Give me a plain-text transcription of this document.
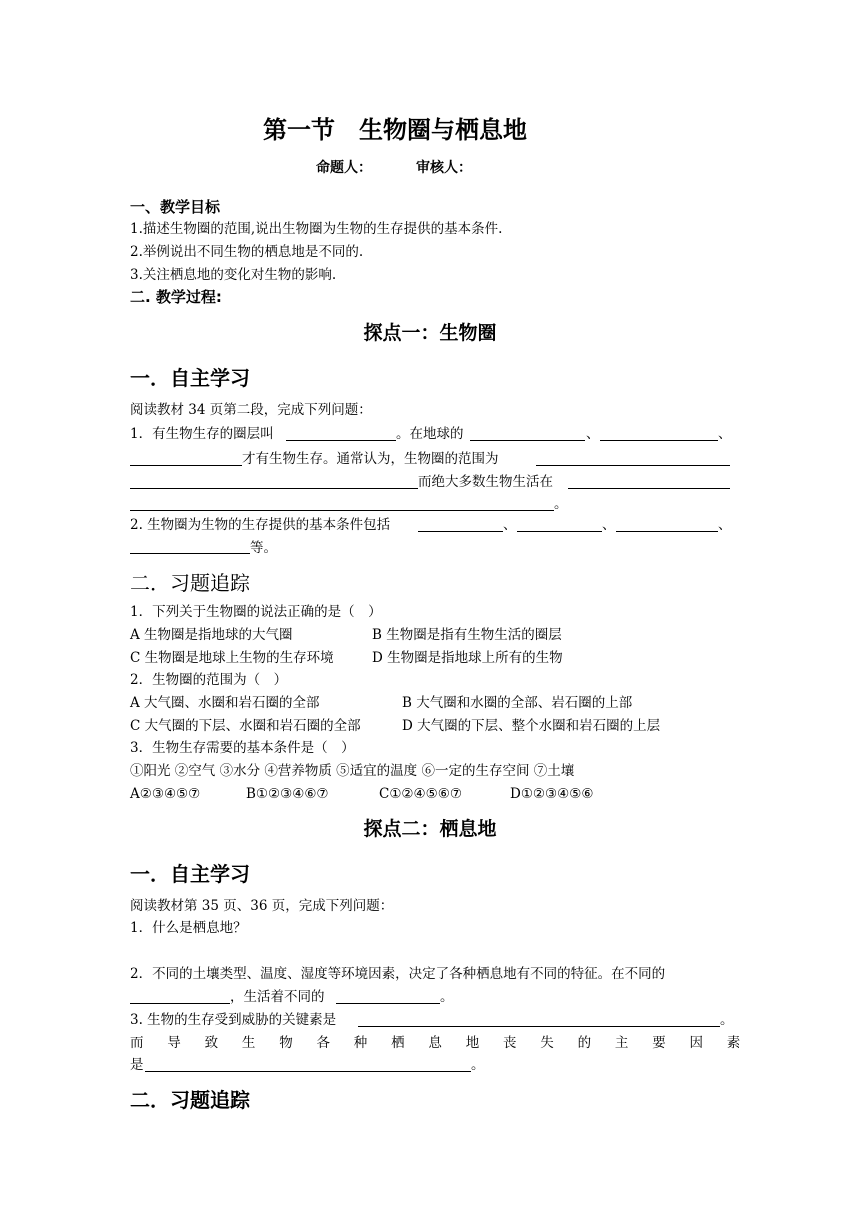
第一节　生物圈与栖息地
命题人：	审核人：
一、教学目标
1.描述生物圈的范围,说出生物圈为生物的生存提供的基本条件.
2.举例说出不同生物的栖息地是不同的.
3.关注栖息地的变化对生物的影响.
二. 教学过程:
探点一：生物圈
一．自主学习
阅读教材 34 页第二段，完成下列问题：
1．有生物生存的圈层叫	。在地球的	、	、
才有生物生存。通常认为，生物圈的范围为
而绝大多数生物生活在
。
2. 生物圈为生物的生存提供的基本条件包括	、	、	、
等。
二．习题追踪
1．下列关于生物圈的说法正确的是（　）
A 生物圈是指地球的大气圈	B 生物圈是指有生物生活的圈层
C 生物圈是地球上生物的生存环境	D 生物圈是指地球上所有的生物
2．生物圈的范围为（　）
A 大气圈、水圈和岩石圈的全部	B 大气圈和水圈的全部、岩石圈的上部
C 大气圈的下层、水圈和岩石圈的全部	D 大气圈的下层、整个水圈和岩石圈的上层
3．生物生存需要的基本条件是（　）
①阳光 ②空气 ③水分 ④营养物质 ⑤适宜的温度 ⑥一定的生存空间 ⑦土壤
A②③④⑤⑦	B①②③④⑥⑦	C①②④⑤⑥⑦	D①②③④⑤⑥
探点二：栖息地
一．自主学习
阅读教材第 35 页、36 页，完成下列问题：
1．什么是栖息地？
2．不同的土壤类型、温度、湿度等环境因素，决定了各种栖息地有不同的特征。在不同的
，生活着不同的	。
3. 生物的生存受到威胁的关键素是	。
而导致生物各种栖息地丧失的主要因素
是	。
二．习题追踪
